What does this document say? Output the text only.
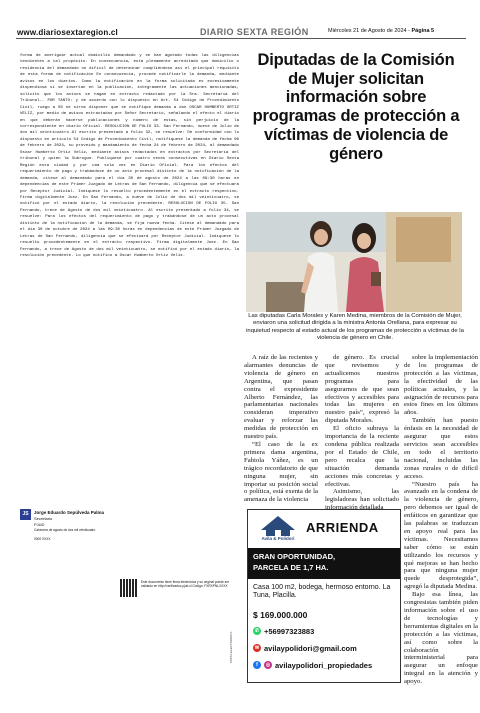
www.diariosextaregion.cl	DIARIO SEXTA REGIÓN	Miércoles 21 de Agosto de 2024 - Página 5

forma de averiguar actual domicilio demandado y se han agotado todas las diligencias tendientes a tal propósito. En consecuencia, está plenamente acreditado que domicilio o residencia del demandado no difícil de determinar cumpliéndose así el principal requisito de esta forma de notificación En consecuencia, procede notificarle la demanda, mediante avisos en los diarios. Como la notificación en la forma solicitada es excesivamente dispendiosa si se insertan en la publicación, íntegramente las actuaciones mencionadas, solicito que los avisos se hagan en extracto redactado por la Sra. Secretaria del Tribunal.- POR TANTO: y de acuerdo con lo dispuesto en Art. 54 Código de Procedimiento Civil, ruego a SS se sirva disponer que se notifique demanda a don OSCAR HUMBERTO ORTIZ VELIZ, por medio de avisos extractados por Señor Secretario, señalando el efecto el diario en que deberán hacerse publicaciones y número de estas, sin perjuicio de la correspondiente en diario Oficial. RESOLUCION DE FOLIO 33. San Fernando, nueve de Julio de dos mil veinticuatro Al escrito presentado a folio 32, se resuelve: De conformidad con lo dispuesto en artículo 54 Código de Procedimiento Civil, notifíquese la demanda de fecha 06 de febrero de 2024, su proveído y mandamiento de fecha 24 de febrero de 2024, al demandado Oscar Humberto Ortiz Veliz, mediante avisos redactados en extractos por Secretaría del tribunal y quien la Subrogue. Publíquese por cuatro veces consecutivas en Diario Sexta Región esta ciudad y por una sola vez en Diario Oficial. Para los efectos del requerimiento de pago y trabándose de un acto procesal distinto de la notificación de la demanda, cítese al demandado para el día 30 de agosto de 2024 a las 09:30 horas en dependencias de este Primer Juzgado de Letras de San Fernando, diligencia que se efectuará por Receptor Judicial. Indíquese lo resuelto procedentemente en el extracto respectivo. Firma digitalmente Juez. En San Fernando, a nueve de Julio de dos mil veinticuatro, se notificó por el estado diario, la resolución precedente. RESOLUCION DE FOLIO 35. San Fernando, trece de Agosto de dos mil veinticuatro. Al escrito presentado a folio 34, se resuelve: Para los efectos del requerimiento de pago y trabándose de un acto procesal distinto de la notificación de la demanda, se fija nueva fecha. Cítese al demandado para el día 30 de octubre de 2024 a las 09:30 horas en dependencias de este Primer Juzgado de Letras de San Fernando, diligencia que se efectuará por Receptor Judicial. Indíquese lo resuelto procedentemente en el extracto respectivo. Firma digitalmente Juez. En San Fernando, a trece de Agosto de dos mil veinticuatro, se notificó por el estado diario, la resolución precedente. Lo que notifico a Oscar Humberto Ortiz Veliz.

JS	Jorge Eduardo Sepúlveda Palma
Secretario
PJUD
Cabecera de agosto de dos mil veinticuatro
0000 XXXX
Este documento tiene firma electrónica y su original puede ser validado en http://verificadoc.pjud.cl Código: FXRXPNLXXXX
COPIA ELECTRONICA
Diputadas de la Comisión de Mujer solicitan información sobre programas de protección a víctimas de violencia de género
Las diputadas Carla Morales y Karen Medina, miembros de la Comisión de Mujer, enviaron una solicitud dirigida a la ministra Antonia Orellana, para expresar su inquietud respecto al estado actual de los programas de protección a víctimas de la violencia de género en Chile.

A raíz de las recientes y alarmantes denuncias de violencia de género en Argentina, que pasan contra el expresidente Alberto Fernández, las parlamentarias nacionales consideran imperativo evaluar y reforzar las medidas de protección en nuestro país.

“El caso de la ex primera dama argentina, Fabiola Yáñez, es un trágico recordatorio de que ninguna mujer, sin importar su posición social o política, está exenta de la amenaza de la violencia

de género. Es crucial que revisemos y actualicemos nuestros programas para asegurarnos de que sean efectivos y accesibles para todas las mujeres en nuestro país”, expresó la diputada Morales.

El oficio subraya la importancia de la reciente condena pública realizada por el Estado de Chile, pero recalca que la situación demanda acciones más concretas y efectivas.

Asimismo, las legisladoras han solicitado información detallada

sobre la implementación de los programas de protección a las víctimas, la efectividad de las políticas actuales, y la asignación de recursos para estos fines en los últimos años.

También han puesto énfasis en la necesidad de asegurar que estos servicios sean accesibles en todo el territorio nacional, incluidas las zonas rurales o de difícil acceso.

“Nuestro país ha avanzado en la condena de la violencia de género, pero debemos ser igual de enfáticos en garantizar que las palabras se traduzcan en apoyo real para las víctimas. Necesitamos saber cómo se están utilizando los recursos y qué mejoras se han hecho para que ninguna mujer quede desprotegida”, agregó la diputada Medina.

Bajo esa línea, las congresistas también piden información sobre el uso de tecnologías y herramientas digitales en la protección a las víctimas, así como sobre la colaboración interministerial para asegurar un enfoque integral en la atención y apoyo.

Avila & Polidori
ARRIENDA
GRAN OPORTUNIDAD,
PARCELA DE 1,7 HA.
Casa 100 m2, bodega, hermoso entorno. La Tuna, Placilla.
$ 169.000.000
✆ +56997323883
✉ avilaypolidori@gmail.com
f	◎ avilaypolidori_propiedades
